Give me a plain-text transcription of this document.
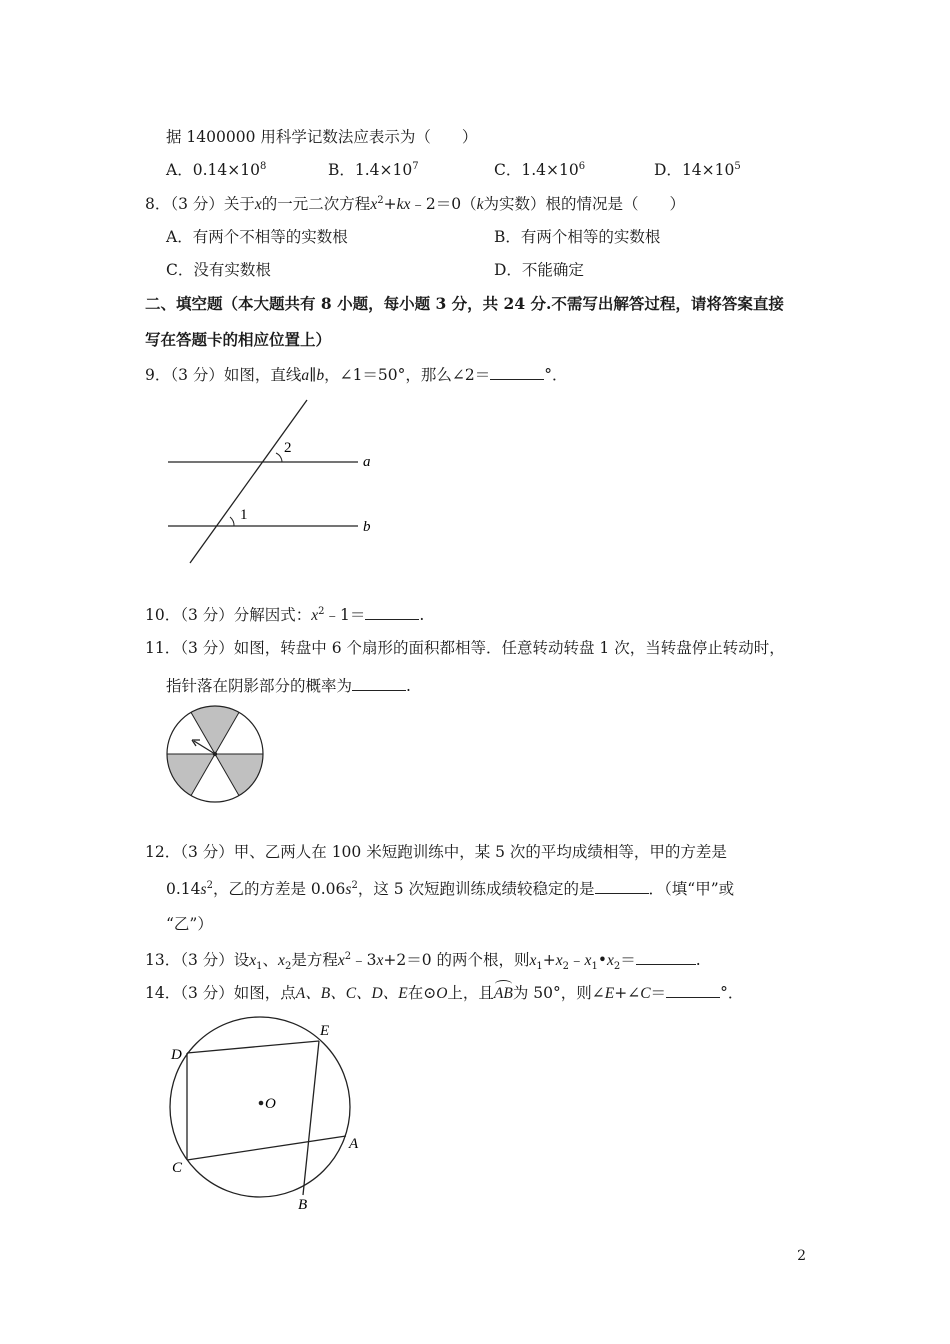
据 1400000 用科学记数法应表示为（　　）
A．$0.14\times 10^8$	B．$1.4\times 10^7$	C．$1.4\times 10^6$	D．$14\times 10^5$
8．（3 分）关于x的一元二次方程$x^2+kx﹣2=0(k$为实数）根的情况是（　　）
A．有两个不相等的实数根	B．有两个相等的实数根
C．没有实数根	D．不能确定
二、填空题（本大题共有 8 小题，每小题 3 分，共 24 分.不需写出解答过程，请将答案直接
写在答题卡的相应位置上）
9．（3 分）如图，直线a∥b，∠1＝50°，那么∠2＝	°．
2
1
a
b
10．（3 分）分解因式：$x^2﹣1=$	.
11．（3 分）如图，转盘中 6 个扇形的面积都相等．任意转动转盘 1 次，当转盘停止转动时，
指针落在阴影部分的概率为	.
12．（3 分）甲、乙两人在 100 米短跑训练中，某 5 次的平均成绩相等，甲的方差是
$0.14s^2$，乙的方差是 $0.06s^2$，这 5 次短跑训练成绩较稳定的是	．（填“甲”或
“乙”）
13．（3 分）设$x_1$、$x_2$是方程$x^2﹣3x+2=0$ 的两个根，则$x_1+x_2﹣x_1•x_2=$	.
14．（3 分）如图，点A、B、C、D、E在⊙O上，且AB为 50°，则∠E+∠C＝	°．
O
D
E
A
C
B
2
